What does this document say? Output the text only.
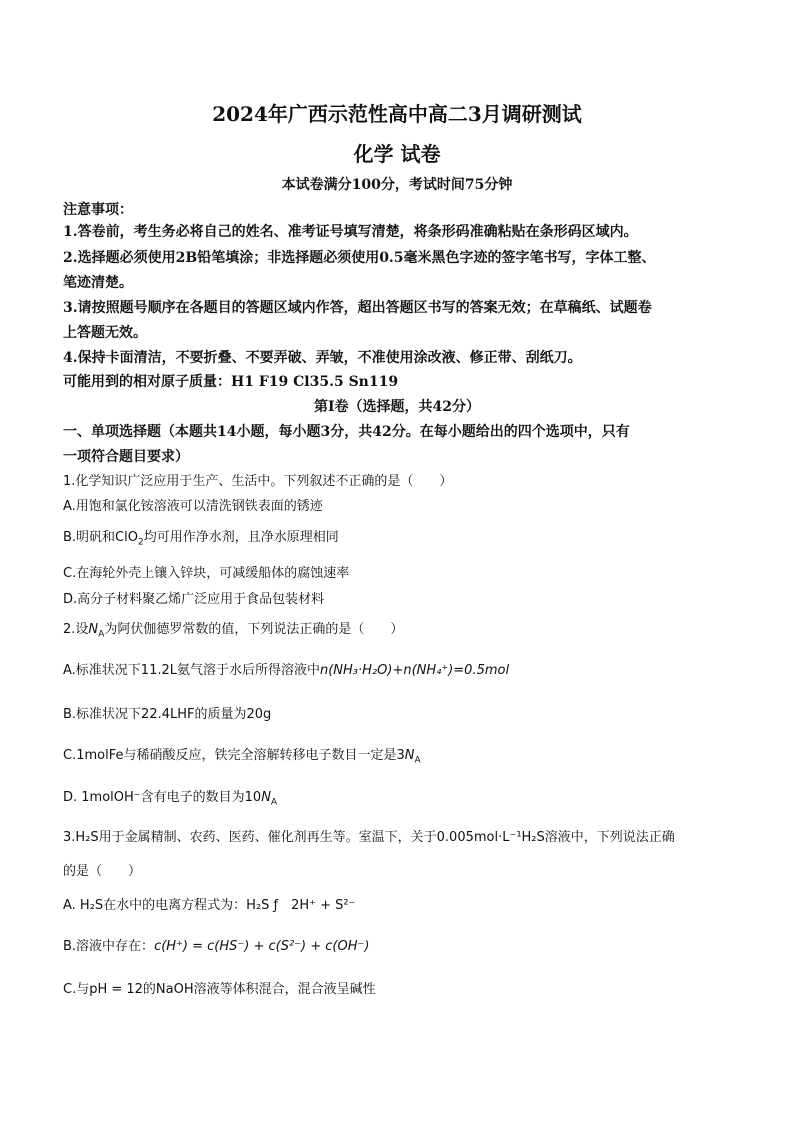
2024年广西示范性高中高二3月调研测试
化学 试卷
本试卷满分100分，考试时间75分钟
注意事项：
1.答卷前，考生务必将自己的姓名、准考证号填写清楚，将条形码准确粘贴在条形码区域内。
2.选择题必须使用2B铅笔填涂；非选择题必须使用0.5毫米黑色字迹的签字笔书写，字体工整、
笔迹清楚。
3.请按照题号顺序在各题目的答题区域内作答，超出答题区书写的答案无效；在草稿纸、试题卷
上答题无效。
4.保持卡面清洁，不要折叠、不要弄破、弄皱，不准使用涂改液、修正带、刮纸刀。
可能用到的相对原子质量：H1 F19 Cl35.5 Sn119
第Ⅰ卷（选择题，共42分）
一、单项选择题（本题共14小题，每小题3分，共42分。在每小题给出的四个选项中，只有
一项符合题目要求）
1.化学知识广泛应用于生产、生活中。下列叙述不正确的是（　　）
A.用饱和氯化铵溶液可以清洗钢铁表面的锈迹
B.明矾和ClO$_2$均可用作净水剂，且净水原理相同
C.在海轮外壳上镶入锌块，可减缓船体的腐蚀速率
D.高分子材料聚乙烯广泛应用于食品包装材料
2.设$N_A$为阿伏伽德罗常数的值，下列说法正确的是（　　）
A.标准状况下11.2L氨气溶于水后所得溶液中n(NH₃·H₂O)+n(NH₄⁺)=0.5mol
B.标准状况下22.4LHF的质量为20g
C.1molFe与稀硝酸反应，铁完全溶解转移电子数目一定是$3N_A$
D. 1molOH⁻含有电子的数目为$10N_A$
3.H₂S用于金属精制、农药、医药、催化剂再生等。室温下，关于0.005mol·L⁻¹H₂S溶液中，下列说法正确
的是（　　）
A. H₂S在水中的电离方程式为：H₂S ƒ　2H⁺ + S²⁻
B.溶液中存在：c(H⁺) = c(HS⁻) + c(S²⁻) + c(OH⁻)
C.与pH = 12的NaOH溶液等体积混合，混合液呈碱性
